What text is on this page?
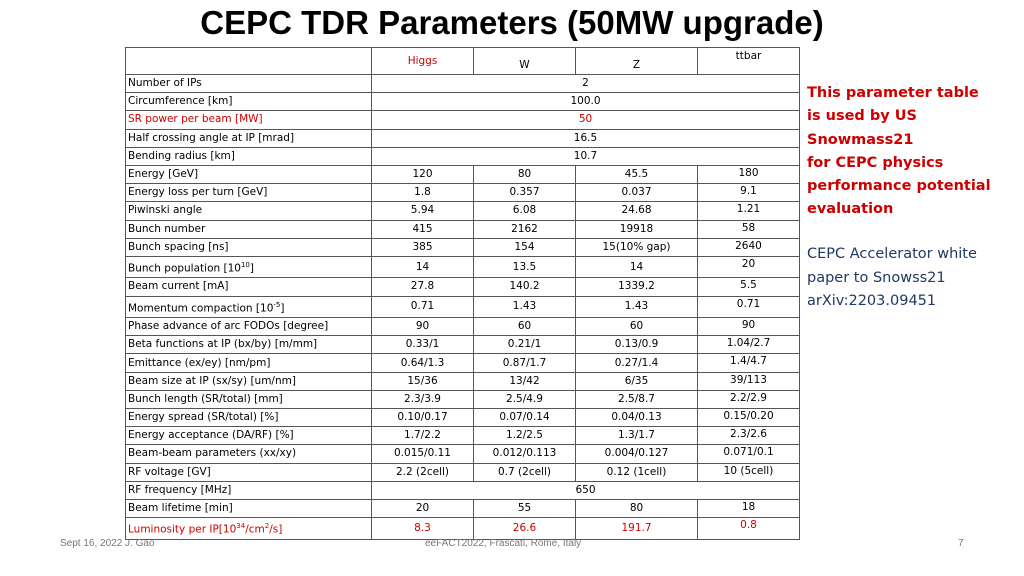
CEPC TDR Parameters (50MW upgrade)
	Higgs	W	Z	ttbar
Number of IPs	2			
Circumference [km]	100.0			
SR power per beam [MW]	50			
Half crossing angle at IP [mrad]	16.5			
Bending radius [km]	10.7			
Energy [GeV]	120	80	45.5	180
Energy loss per turn [GeV]	1.8	0.357	0.037	9.1
Piwinski angle	5.94	6.08	24.68	1.21
Bunch number	415	2162	19918	58
Bunch spacing [ns]	385	154	15(10% gap)	2640
Bunch population $[10^{10}]$	14	13.5	14	20
Beam current [mA]	27.8	140.2	1339.2	5.5
Momentum compaction $[10^{-5}]$	0.71	1.43	1.43	0.71
Phase advance of arc FODOs [degree]	90	60	60	90
Beta functions at IP (bx/by) [m/mm]	0.33/1	0.21/1	0.13/0.9	1.04/2.7
Emittance (ex/ey) [nm/pm]	0.64/1.3	0.87/1.7	0.27/1.4	1.4/4.7
Beam size at IP (sx/sy) [um/nm]	15/36	13/42	6/35	39/113
Bunch length (SR/total) [mm]	2.3/3.9	2.5/4.9	2.5/8.7	2.2/2.9
Energy spread (SR/total) [%]	0.10/0.17	0.07/0.14	0.04/0.13	0.15/0.20
Energy acceptance (DA/RF) [%]	1.7/2.2	1.2/2.5	1.3/1.7	2.3/2.6
Beam-beam parameters (xx/xy)	0.015/0.11	0.012/0.113	0.004/0.127	0.071/0.1
RF voltage [GV]	2.2 (2cell)	0.7 (2cell)	0.12 (1cell)	10 (5cell)
RF frequency [MHz]	650			
Beam lifetime [min]	20	55	80	18
Luminosity per $IP[10^{34}/cm^2/s]$	8.3	26.6	191.7	0.8
This parameter table
is used by US
Snowmass21
for CEPC physics
performance potential
evaluation
CEPC Accelerator white
paper to Snowss21
arXiv:2203.09451
Sept 16, 2022 J. Gao	eeFACT2022, Frascati, Rome, Italy	7
